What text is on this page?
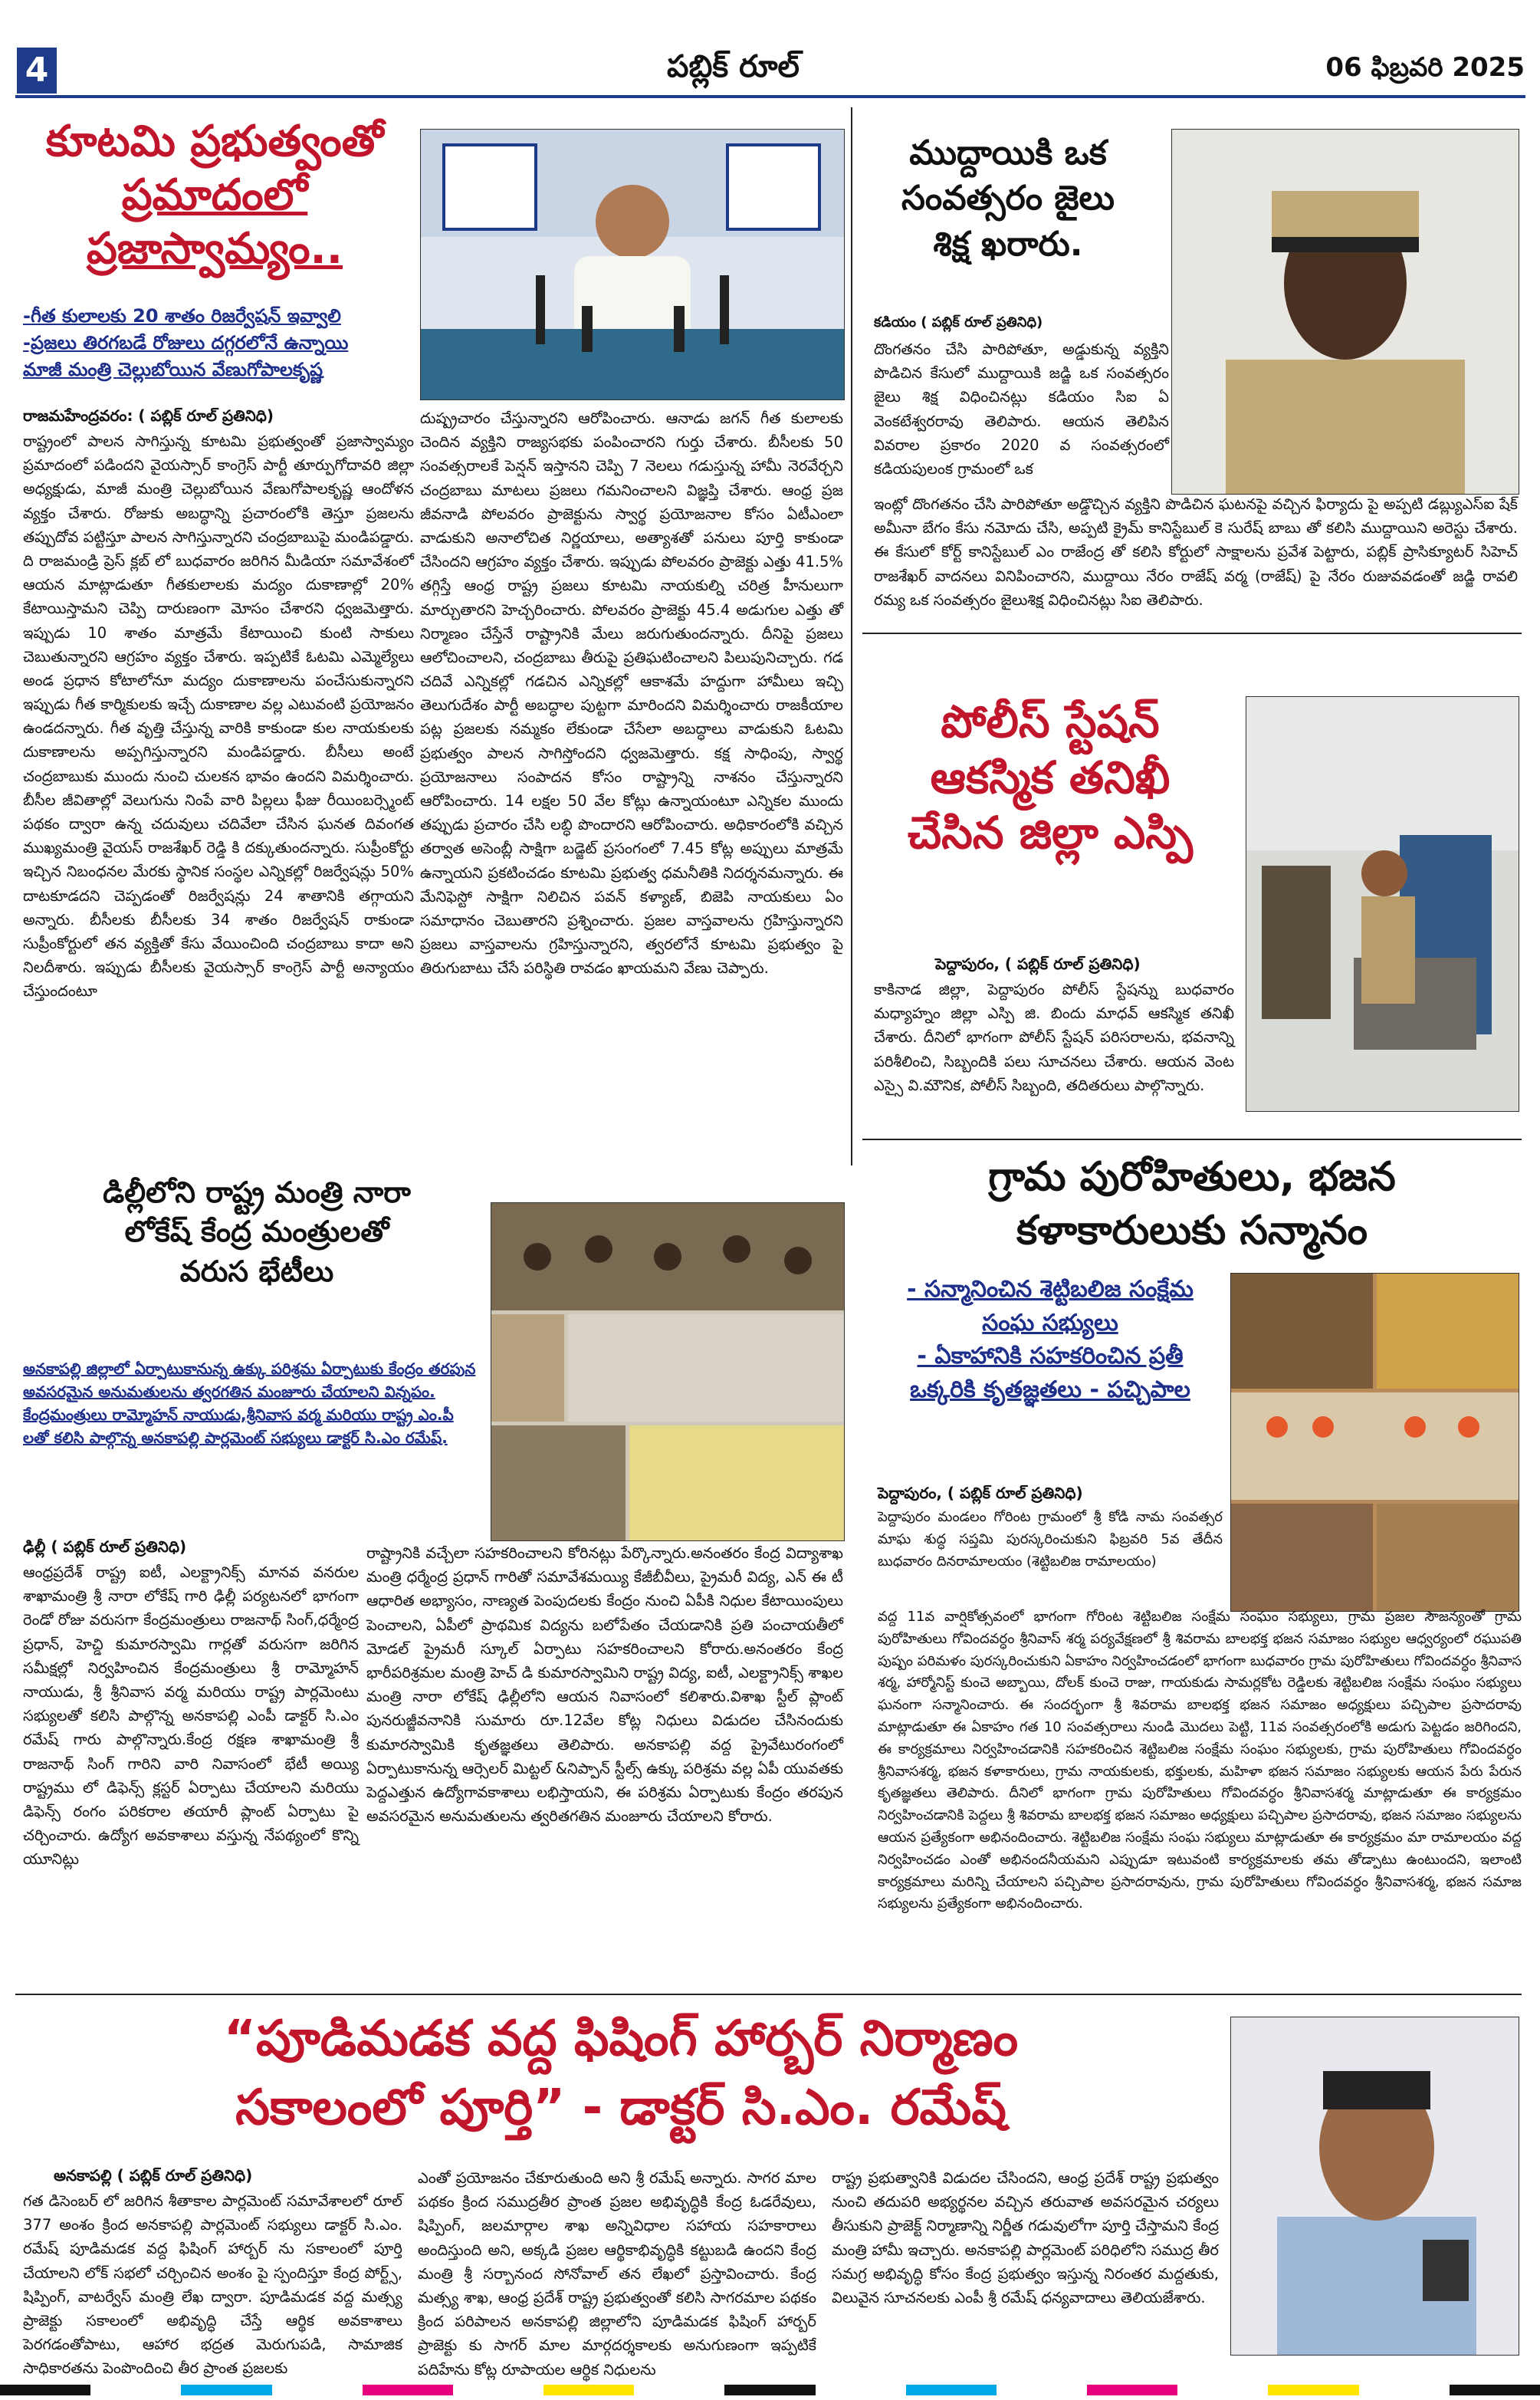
4	పబ్లిక్ రూల్	06 ఫిబ్రవరి 2025
కూటమి ప్రభుత్వంతో
ప్రమాదంలో
ప్రజాస్వామ్యం..
-గీత కులాలకు 20 శాతం రిజర్వేషన్ ఇవ్వాలి
-ప్రజలు తిరగబడే రోజులు దగ్గరలోనే ఉన్నాయి
మాజీ మంత్రి చెల్లుబోయిన వేణుగోపాలకృష్ణ
రాజమహేంద్రవరం: ( పబ్లిక్ రూల్ ప్రతినిధి)
రాష్ట్రంలో పాలన సాగిస్తున్న కూటమి ప్రభుత్వంతో ప్రజాస్వామ్యం ప్రమాదంలో పడిందని వైయస్సార్ కాంగ్రెస్ పార్టీ తూర్పుగోదావరి జిల్లా అధ్యక్షుడు, మాజీ మంత్రి చెల్లుబోయిన వేణుగోపాలకృష్ణ ఆందోళన వ్యక్తం చేశారు. రోజుకు అబద్ధాన్ని ప్రచారంలోకి తెస్తూ ప్రజలను తప్పుదోవ పట్టిస్తూ పాలన సాగిస్తున్నారని చంద్రబాబుపై మండిపడ్డారు. ది రాజమండ్రి ప్రెస్ క్లబ్ లో బుధవారం జరిగిన మీడియా సమావేశంలో ఆయన మాట్లాడుతూ గీతకులాలకు మద్యం దుకాణాల్లో 20% కేటాయిస్తామని చెప్పి దారుణంగా మోసం చేశారని ధ్వజమెత్తారు. ఇప్పుడు 10 శాతం మాత్రమే కేటాయించి కుంటి సాకులు చెబుతున్నారని ఆగ్రహం వ్యక్తం చేశారు. ఇప్పటికే ఓటమి ఎమ్మెల్యేలు అండ ప్రధాన కోటాలోనూ మద్యం దుకాణాలను పంచేసుకున్నారని ఇప్పుడు గీత కార్మికులకు ఇచ్చే దుకాణాల వల్ల ఎటువంటి ప్రయోజనం ఉండదన్నారు. గీత వృత్తి చేస్తున్న వారికి కాకుండా కుల నాయకులకు దుకాణాలను అప్పగిస్తున్నారని మండిపడ్డారు. బీసీలు అంటే చంద్రబాబుకు ముందు నుంచి చులకన భావం ఉందని విమర్శించారు. బీసీల జీవితాల్లో వెలుగును నింపే వారి పిల్లలు ఫీజు రీయింబర్స్మెంట్ పథకం ద్వారా ఉన్న చదువులు చదివేలా చేసిన ఘనత దివంగత ముఖ్యమంత్రి వైయస్ రాజశేఖర్ రెడ్డి కి దక్కుతుందన్నారు. సుప్రీంకోర్టు ఇచ్చిన నిబంధనల మేరకు స్థానిక సంస్థల ఎన్నికల్లో రిజర్వేషన్లు 50% దాటకూడదని చెప్పడంతో రిజర్వేషన్లు 24 శాతానికి తగ్గాయని అన్నారు. బీసీలకు బీసీలకు 34 శాతం రిజర్వేషన్ రాకుండా సుప్రీంకోర్టులో తన వ్యక్తితో కేసు వేయించింది చంద్రబాబు కాదా అని నిలదీశారు. ఇప్పుడు బీసీలకు వైయస్సార్ కాంగ్రెస్ పార్టీ అన్యాయం చేస్తుందంటూ
దుష్ప్రచారం చేస్తున్నారని ఆరోపించారు. ఆనాడు జగన్ గీత కులాలకు చెందిన వ్యక్తిని రాజ్యసభకు పంపించారని గుర్తు చేశారు. బీసీలకు 50 సంవత్సరాలకే పెన్షన్ ఇస్తానని చెప్పి 7 నెలలు గడుస్తున్న హామీ నెరవేర్చని చంద్రబాబు మాటలు ప్రజలు గమనించాలని విజ్ఞప్తి చేశారు. ఆంధ్ర ప్రజ జీవనాడి పోలవరం ప్రాజెక్టును స్వార్థ ప్రయోజనాల కోసం ఏటీఎంలా వాడుకుని అనాలోచిత నిర్ణయాలు, అత్యాశతో పనులు పూర్తి కాకుండా చేసిందని ఆగ్రహం వ్యక్తం చేశారు. ఇప్పుడు పోలవరం ప్రాజెక్టు ఎత్తు 41.5% తగ్గిస్తే ఆంధ్ర రాష్ట్ర ప్రజలు కూటమి నాయకుల్ని చరిత్ర హీనులుగా మార్చుతారని హెచ్చరించారు. పోలవరం ప్రాజెక్టు 45.4 అడుగుల ఎత్తు తో నిర్మాణం చేస్తేనే రాష్ట్రానికి మేలు జరుగుతుందన్నారు. దీనిపై ప్రజలు ఆలోచించాలని, చంద్రబాబు తీరుపై ప్రతిఘటించాలని పిలుపునిచ్చారు. గడ చదివే ఎన్నికల్లో గడచిన ఎన్నికల్లో ఆకాశమే హద్దుగా హామీలు ఇచ్చి తెలుగుదేశం పార్టీ అబద్ధాల పుట్టగా మారిందని విమర్శించారు రాజకీయాల పట్ల ప్రజలకు నమ్మకం లేకుండా చేసేలా అబద్ధాలు వాడుకుని ఓటమి ప్రభుత్వం పాలన సాగిస్తోందని ధ్వజమెత్తారు. కక్ష సాధింపు, స్వార్థ ప్రయోజనాలు సంపాదన కోసం రాష్ట్రాన్ని నాశనం చేస్తున్నారని ఆరోపించారు. 14 లక్షల 50 వేల కోట్లు ఉన్నాయంటూ ఎన్నికల ముందు తప్పుడు ప్రచారం చేసి లబ్ధి పొందారని ఆరోపించారు. అధికారంలోకి వచ్చిన తర్వాత అసెంబ్లీ సాక్షిగా బడ్జెట్ ప్రసంగంలో 7.45 కోట్ల అప్పులు మాత్రమే ఉన్నాయని ప్రకటించడం కూటమి ప్రభుత్వ ధమనీతికి నిదర్శనమన్నారు. ఈ మేనిఫెస్టో సాక్షిగా నిలిచిన పవన్ కళ్యాణ్, బిజెపి నాయకులు ఏం సమాధానం చెబుతారని ప్రశ్నించారు. ప్రజల వాస్తవాలను గ్రహిస్తున్నారని ప్రజలు వాస్తవాలను గ్రహిస్తున్నారని, త్వరలోనే కూటమి ప్రభుత్వం పై తిరుగుబాటు చేసే పరిస్థితి రావడం ఖాయమని వేణు చెప్పారు.
ముద్దాయికి ఒక
సంవత్సరం జైలు
శిక్ష ఖరారు.
కడియం ( పబ్లిక్ రూల్ ప్రతినిధి)
దొంగతనం చేసి పారిపోతూ, అడ్డుకున్న వ్యక్తిని పొడిచిన కేసులో ముద్దాయికి జడ్జి ఒక సంవత్సరం జైలు శిక్ష విధించినట్లు కడియం సిఐ ఏ వెంకటేశ్వరరావు తెలిపారు. ఆయన తెలిపిన వివరాల ప్రకారం 2020 వ సంవత్సరంలో కడియపులంక గ్రామంలో ఒక
ఇంట్లో దొంగతనం చేసి పారిపోతూ అడ్డొచ్చిన వ్యక్తిని పొడిచిన ఘటనపై వచ్చిన ఫిర్యాదు పై అప్పటి డబ్ల్యుఎస్ఐ షేక్ అమీనా బేగం కేసు నమోదు చేసి, అప్పటి క్రైమ్ కానిస్టేబుల్ కె సురేష్ బాబు తో కలిసి ముద్దాయిని అరెస్టు చేశారు. ఈ కేసులో కోర్ట్ కానిస్టేబుల్ ఎం రాజేంద్ర తో కలిసి కోర్టులో సాక్షాలను ప్రవేశ పెట్టారు, పబ్లిక్ ప్రాసిక్యూటర్ సిహెచ్ రాజశేఖర్ వాదనలు వినిపించారని, ముద్దాయి నేరం రాజేష్ వర్మ (రాజేష్) పై నేరం రుజువవడంతో జడ్జి రావలి రమ్య ఒక సంవత్సరం జైలుశిక్ష విధించినట్లు సిఐ తెలిపారు.
పోలీస్ స్టేషన్
ఆకస్మిక తనిఖీ
చేసిన జిల్లా ఎస్పి
పెద్దాపురం, ( పబ్లిక్ రూల్ ప్రతినిధి)
కాకినాడ జిల్లా, పెద్దాపురం పోలీస్ స్టేషన్ను బుధవారం మధ్యాహ్నం జిల్లా ఎస్పి జి. బిందు మాధవ్ ఆకస్మిక తనిఖీ చేశారు. దీనిలో భాగంగా పోలీస్ స్టేషన్ పరిసరాలను, భవనాన్ని పరిశీలించి, సిబ్బందికి పలు సూచనలు చేశారు. ఆయన వెంట ఎస్సై వి.మౌనిక, పోలీస్ సిబ్బంది, తదితరులు పాల్గొన్నారు.
డిల్లీలోని రాష్ట్ర మంత్రి నారా
లోకేష్ కేంద్ర మంత్రులతో
వరుస భేటీలు
అనకాపల్లి జిల్లాలో ఏర్పాటుకానున్న ఉక్కు పరిశ్రమ ఏర్పాటుకు కేంద్రం తరపున అవసరమైన అనుమతులను త్వరగతిన మంజూరు చేయాలని విన్నపం.
కేంద్రమంత్రులు రామ్మోహన్ నాయుడు,శ్రీనివాస వర్మ మరియు రాష్ట్ర ఎం.పీ లతో కలిసి పాల్గొన్న అనకాపల్లి పార్లమెంట్ సభ్యులు డాక్టర్ సి.ఎం రమేష్.
ఢిల్లీ ( పబ్లిక్ రూల్ ప్రతినిధి)
ఆంధ్రప్రదేశ్ రాష్ట్ర ఐటీ, ఎలక్ట్రానిక్స్ మానవ వనరుల శాఖామంత్రి శ్రీ నారా లోకేష్ గారి ఢిల్లీ పర్యటనలో భాగంగా రెండో రోజు వరుసగా కేంద్రమంత్రులు రాజనాథ్ సింగ్,ధర్మేంద్ర ప్రధాన్, హెచ్డి కుమారస్వామి గార్లతో వరుసగా జరిగిన సమీక్షల్లో నిర్వహించిన కేంద్రమంత్రులు శ్రీ రామ్మోహన్ నాయుడు, శ్రీ శ్రీనివాస వర్మ మరియు రాష్ట్ర పార్లమెంటు సభ్యులతో కలిసి పాల్గొన్న అనకాపల్లి ఎంపీ డాక్టర్ సి.ఎం రమేష్ గారు పాల్గొన్నారు.కేంద్ర రక్షణ శాఖామంత్రి శ్రీ రాజనాథ్ సింగ్ గారిని వారి నివాసంలో భేటీ అయ్యి రాష్ట్రము లో డిఫెన్స్ క్లస్టర్ ఏర్పాటు చేయాలని మరియు డిఫెన్స్ రంగం పరికరాల తయారీ ప్లాంట్ ఏర్పాటు పై చర్చించారు. ఉద్యోగ అవకాశాలు వస్తున్న నేపథ్యంలో కొన్ని యూనిట్లు
రాష్ట్రానికి వచ్చేలా సహకరించాలని కోరినట్లు పేర్కొన్నారు.అనంతరం కేంద్ర విద్యాశాఖ మంత్రి ధర్మేంద్ర ప్రధాన్ గారితో సమావేశమయ్యి కేజీబీవీలు, ప్రైమరీ విద్య, ఎన్ ఈ టీ ఆధారిత అభ్యాసం, నాణ్యత పెంపుదలకు కేంద్రం నుంచి ఏపీకి నిధుల కేటాయింపులు పెంచాలని, ఏపీలో ప్రాథమిక విద్యను బలోపేతం చేయడానికి ప్రతి పంచాయతీలో మోడల్ ప్రైమరీ స్కూల్ ఏర్పాటు సహకరించాలని కోరారు.అనంతరం కేంద్ర భారీపరిశ్రమల మంత్రి హెచ్ డి కుమారస్వామిని రాష్ట్ర విద్య, ఐటీ, ఎలక్ట్రానిక్స్ శాఖల మంత్రి నారా లోకేష్ ఢిల్లీలోని ఆయన నివాసంలో కలిశారు.విశాఖ స్టీల్ ప్లాంట్ పునరుజ్జీవనానికి సుమారు రూ.12వేల కోట్ల నిధులు విడుదల చేసినందుకు కుమారస్వామికి కృతజ్ఞతలు తెలిపారు. అనకాపల్లి వద్ద ప్రైవేటురంగంలో ఏర్పాటుకానున్న ఆర్సెలర్ మిట్టల్ &నిప్పాన్ స్టీల్స్ ఉక్కు పరిశ్రమ వల్ల ఏపీ యువతకు పెద్దఎత్తున ఉద్యోగావకాశాలు లభిస్తాయని, ఈ పరిశ్రమ ఏర్పాటుకు కేంద్రం తరపున అవసరమైన అనుమతులను త్వరితగతిన మంజూరు చేయాలని కోరారు.
గ్రామ పురోహితులు, భజన
కళాకారులుకు సన్మానం
- సన్మానించిన శెట్టిబలిజ సంక్షేమ సంఘ సభ్యులు
- ఏకాహానికి సహకరించిన ప్రతీ ఒక్కరికి కృతజ్ఞతలు - పచ్చిపాల
పెద్దాపురం, ( పబ్లిక్ రూల్ ప్రతినిధి)
పెద్దాపురం మండలం గోరింట గ్రామంలో శ్రీ కోడి నామ సంవత్సర మాఘ శుద్ధ సప్తమి పురస్కరించుకుని ఫిబ్రవరి 5వ తేదీన బుధవారం దినరామాలయం (శెట్టిబలిజ రామాలయం)
వద్ద 11వ వార్షికోత్సవంలో భాగంగా గోరింట శెట్టిబలిజ సంక్షేమ సంఘం సభ్యులు, గ్రామ ప్రజల సౌజన్యంతో గ్రామ పురోహితులు గోవిందవర్ధం శ్రీనివాస్ శర్మ పర్యవేక్షణలో శ్రీ శివరామ బాలభక్త భజన సమాజం సభ్యుల ఆధ్వర్యంలో రఘుపతి పుష్పం పరిమళం పురస్కరించుకుని ఏకాహం నిర్వహించడంలో భాగంగా బుధవారం గ్రామ పురోహితులు గోవిందవర్ధం శ్రీనివాస శర్మ, హార్మోనిస్ట్ కుంచె అబ్బాయి, దోలక్ కుంచె రాజు, గాయకుడు సామర్లకోట రెడ్డిలకు శెట్టిబలిజ సంక్షేమ సంఘం సభ్యులు ఘనంగా సన్మానించారు. ఈ సందర్భంగా శ్రీ శివరామ బాలభక్త భజన సమాజం అధ్యక్షులు పచ్చిపాల ప్రసాదరావు మాట్లాడుతూ ఈ ఏకాహం గత 10 సంవత్సరాలు నుండి మొదలు పెట్టి, 11వ సంవత్సరంలోకి అడుగు పెట్టడం జరిగిందని, ఈ కార్యక్రమాలు నిర్వహించడానికి సహకరించిన శెట్టిబలిజ సంక్షేమ సంఘం సభ్యులకు, గ్రామ పురోహితులు గోవిందవర్ధం శ్రీనివాసశర్మ, భజన కళాకారులు, గ్రామ నాయకులకు, భక్తులకు, మహిళా భజన సమాజం సభ్యులకు ఆయన పేరు పేరున కృతజ్ఞతలు తెలిపారు. దీనిలో భాగంగా గ్రామ పురోహితులు గోవిందవర్ధం శ్రీనివాసశర్మ మాట్లాడుతూ ఈ కార్యక్రమం నిర్వహించడానికి పెద్దలు శ్రీ శివరామ బాలభక్త భజన సమాజం అధ్యక్షులు పచ్చిపాల ప్రసాదరావు, భజన సమాజం సభ్యులను ఆయన ప్రత్యేకంగా అభినందించారు. శెట్టిబలిజ సంక్షేమ సంఘ సభ్యులు మాట్లాడుతూ ఈ కార్యక్రమం మా రామాలయం వద్ద నిర్వహించడం ఎంతో అభినందనీయమని ఎప్పుడూ ఇటువంటి కార్యక్రమాలకు తమ తోడ్పాటు ఉంటుందని, ఇలాంటి కార్యక్రమాలు మరిన్ని చేయాలని పచ్చిపాల ప్రసాదరావును, గ్రామ పురోహితులు గోవిందవర్ధం శ్రీనివాసశర్మ, భజన సమాజ సభ్యులను ప్రత్యేకంగా అభినందించారు.
“పూడిమడక వద్ద ఫిషింగ్ హార్బర్ నిర్మాణం
సకాలంలో పూర్తి” - డాక్టర్ సి.ఎం. రమేష్
అనకాపల్లి ( పబ్లిక్ రూల్ ప్రతినిధి)
గత డిసెంబర్ లో జరిగిన శీతాకాల పార్లమెంట్ సమావేశాలలో రూల్ 377 అంశం క్రింద అనకాపల్లి పార్లమెంట్ సభ్యులు డాక్టర్ సి.ఎం. రమేష్ పూడిమడక వద్ద ఫిషింగ్ హార్బర్ ను సకాలంలో పూర్తి చేయాలని లోక్ సభలో చర్చించిన అంశం పై స్పందిస్తూ కేంద్ర పోర్ట్స్, షిప్పింగ్, వాటర్వేస్ మంత్రి లేఖ ద్వారా. పూడిమడక వద్ద మత్స్య ప్రాజెక్టు సకాలంలో అభివృద్ధి చేస్తే ఆర్థిక అవకాశాలు పెరగడంతోపాటు, ఆహార భద్రత మెరుగుపడి, సామాజిక సాధికారతను పెంపొందించి తీర ప్రాంత ప్రజలకు
ఎంతో ప్రయోజనం చేకూరుతుంది అని శ్రీ రమేష్ అన్నారు. సాగర మాల పథకం క్రింద సముద్రతీర ప్రాంత ప్రజల అభివృద్ధికి కేంద్ర ఓడరేవులు, షిప్పింగ్, జలమార్గాల శాఖ అన్నివిధాల సహాయ సహకారాలు అందిస్తుంది అని, అక్కడి ప్రజల ఆర్థికాభివృద్ధికి కట్టుబడి ఉందని కేంద్ర మంత్రి శ్రీ సర్బానంద సోనోవాల్ తన లేఖలో ప్రస్తావించారు. కేంద్ర మత్స్య శాఖ, ఆంధ్ర ప్రదేశ్ రాష్ట్ర ప్రభుత్వంతో కలిసి సాగరమాల పథకం క్రింద పరిపాలన అనకాపల్లి జిల్లాలోని పూడిమడక ఫిషింగ్ హార్బర్ ప్రాజెక్టు కు సాగర్ మాల మార్గదర్శకాలకు అనుగుణంగా ఇప్పటికే పదిహేను కోట్ల రూపాయల ఆర్థిక నిధులను
రాష్ట్ర ప్రభుత్వానికి విడుదల చేసిందని, ఆంధ్ర ప్రదేశ్ రాష్ట్ర ప్రభుత్వం నుంచి తదుపరి అభ్యర్థనల వచ్చిన తరువాత అవసరమైన చర్యలు తీసుకుని ప్రాజెక్ట్ నిర్మాణాన్ని నిర్ణీత గడువులోగా పూర్తి చేస్తామని కేంద్ర మంత్రి హామీ ఇచ్చారు. అనకాపల్లి పార్లమెంట్ పరిధిలోని సముద్ర తీర సమగ్ర అభివృద్ధి కోసం కేంద్ర ప్రభుత్వం ఇస్తున్న నిరంతర మద్దతుకు, విలువైన సూచనలకు ఎంపీ శ్రీ రమేష్ ధన్యవాదాలు తెలియజేశారు.
